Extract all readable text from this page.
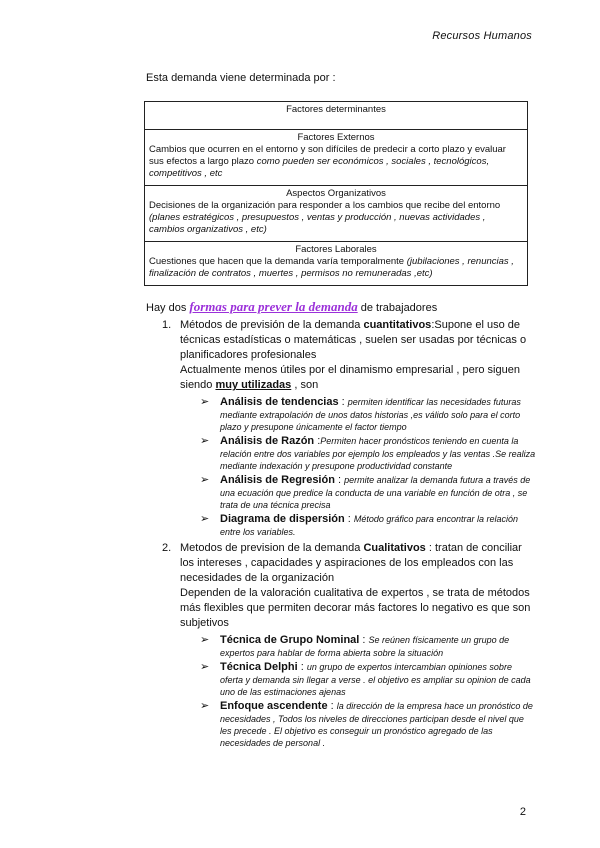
Recursos Humanos
Esta demanda viene determinada por :
Factores determinantes

Factores Externos
Cambios que ocurren en el entorno y son difíciles de predecir a corto plazo y evaluar sus efectos a largo plazo como pueden ser económicos , sociales , tecnológicos, competitivos , etc

Aspectos Organizativos
Decisiones de la organización para responder a los cambios que recibe del entorno (planes estratégicos , presupuestos , ventas y producción , nuevas actividades , cambios organizativos , etc)

Factores Laborales
Cuestiones que hacen que la demanda varía temporalmente (jubilaciones , renuncias , finalización de contratos , muertes , permisos no remuneradas ,etc)
Hay dos formas para prever la demanda de trabajadores
1. Métodos de previsión de la demanda cuantitativos:Supone el uso de técnicas estadísticas o matemáticas , suelen ser usadas por técnicas o planificadores profesionales
Actualmente menos útiles por el dinamismo empresarial , pero siguen siendo muy utilizadas , son
➢ Análisis de tendencias : permiten identificar las necesidades futuras mediante extrapolación de unos datos historias ,es válido solo para el corto plazo y presupone únicamente el factor tiempo
➢ Análisis de Razón :Permiten hacer pronósticos teniendo en cuenta la relación entre dos variables por ejemplo los empleados y las ventas .Se realiza mediante indexación y presupone productividad constante
➢ Análisis de Regresión : permite analizar la demanda futura a través de una ecuación que predice la conducta de una variable en función de otra , se trata de una técnica precisa
➢ Diagrama de dispersión : Método gráfico para encontrar la relación entre los variables.
2. Metodos de prevision de la demanda Cualitativos : tratan de conciliar los intereses , capacidades y aspiraciones de los empleados con las necesidades de la organización
Dependen de la valoración cualitativa de expertos , se trata de métodos más flexibles que permiten decorar más factores lo negativo es que son subjetivos
➢ Técnica de Grupo Nominal : Se reúnen físicamente un grupo de expertos para hablar de forma abierta sobre la situación
➢ Técnica Delphi : un grupo de expertos intercambian opiniones sobre oferta y demanda sin llegar a verse . el objetivo es ampliar su opinion de cada uno de las estimaciones ajenas
➢ Enfoque ascendente : la dirección de la empresa hace un pronóstico de necesidades , Todos los niveles de direcciones participan desde el nivel que les precede . El objetivo es conseguir un pronóstico agregado de las necesidades de personal .
2
